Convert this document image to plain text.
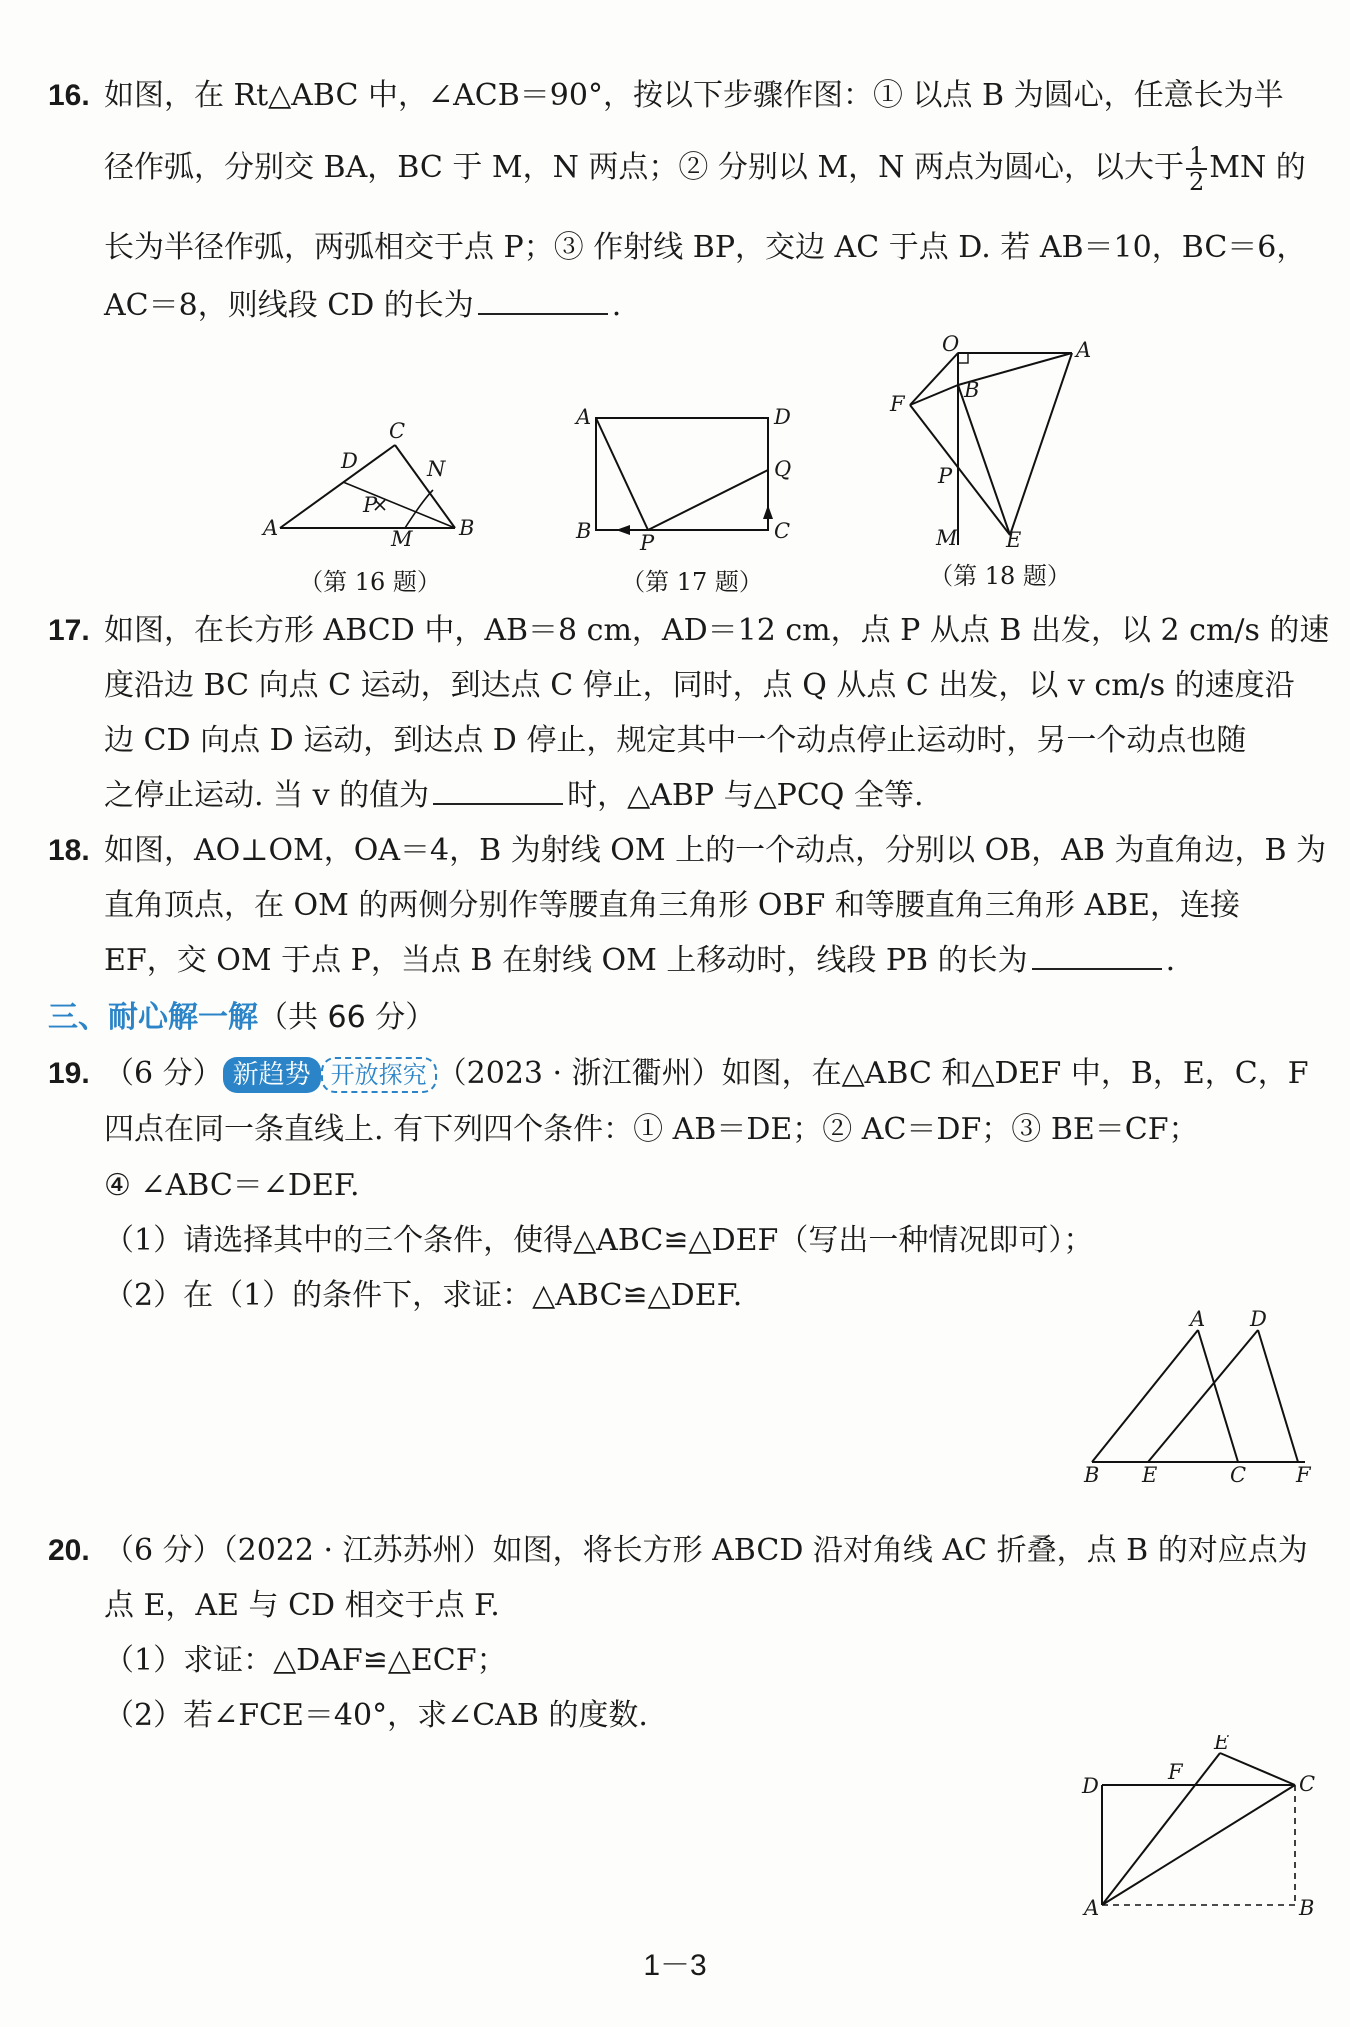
16. 如图，在 Rt△ABC 中，∠ACB＝90°，按以下步骤作图：① 以点 B 为圆心，任意长为半
径作弧，分别交 BA，BC 于 M，N 两点；② 分别以 M，N 两点为圆心，以大于 $\frac{1}{2}$ MN 的
长为半径作弧，两弧相交于点 P；③ 作射线 BP，交边 AC 于点 D. 若 AB＝10，BC＝6，
AC＝8，则线段 CD 的长为	.
A	B
C
D	N
P
M
（第 16 题）
A	D
B	C
P
Q
（第 17 题）
O	A
B
F
P
M E
（第 18 题）
17. 如图，在长方形 ABCD 中，AB＝8 cm，AD＝12 cm，点 P 从点 B 出发，以 2 cm/s 的速
度沿边 BC 向点 C 运动，到达点 C 停止，同时，点 Q 从点 C 出发，以 v cm/s 的速度沿
边 CD 向点 D 运动，到达点 D 停止，规定其中一个动点停止运动时，另一个动点也随
之停止运动. 当 v 的值为	时，△ABP 与△PCQ 全等.
18. 如图，AO⊥OM，OA＝4，B 为射线 OM 上的一个动点，分别以 OB，AB 为直角边，B 为
直角顶点，在 OM 的两侧分别作等腰直角三角形 OBF 和等腰直角三角形 ABE，连接
EF，交 OM 于点 P，当点 B 在射线 OM 上移动时，线段 PB 的长为	.
三、耐心解一解（共 66 分）
19. （6 分） 新趋势 开放探究 （2023 · 浙江衢州）如图，在△ABC 和△DEF 中，B，E，C，F
四点在同一条直线上. 有下列四个条件：① AB＝DE；② AC＝DF；③ BE＝CF；
④ ∠ABC＝∠DEF.
（1）请选择其中的三个条件，使得△ABC≌△DEF（写出一种情况即可）；
（2）在（1）的条件下，求证：△ABC≌△DEF.
A D
B E	C F
20. （6 分）（2022 · 江苏苏州）如图，将长方形 ABCD 沿对角线 AC 折叠，点 B 的对应点为
点 E，AE 与 CD 相交于点 F.
（1）求证：△DAF≌△ECF；
（2）若∠FCE＝40°，求∠CAB 的度数.
E
D
F	C
A	B
1－3
